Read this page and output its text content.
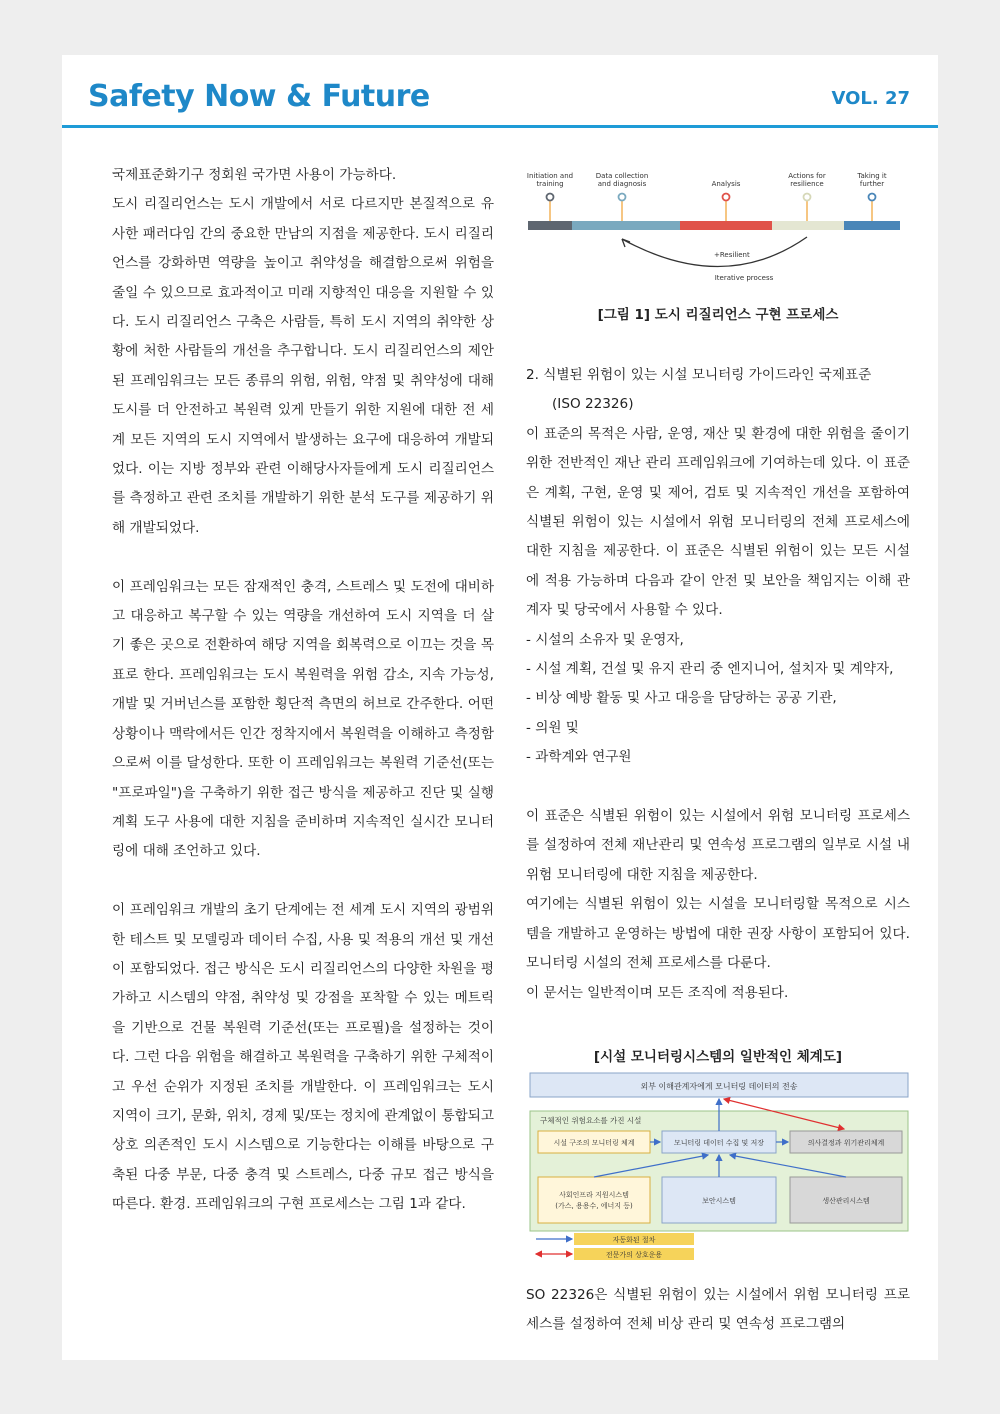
Safety Now & Future	VOL. 27

국제표준화기구 정회원 국가면 사용이 가능하다.

도시 리질리언스는 도시 개발에서 서로 다르지만 본질적으로 유사한 패러다임 간의 중요한 만남의 지점을 제공한다. 도시 리질리언스를 강화하면 역량을 높이고 취약성을 해결함으로써 위험을 줄일 수 있으므로 효과적이고 미래 지향적인 대응을 지원할 수 있다. 도시 리질리언스 구축은 사람들, 특히 도시 지역의 취약한 상황에 처한 사람들의 개선을 추구합니다. 도시 리질리언스의 제안된 프레임워크는 모든 종류의 위험, 위험, 약점 및 취약성에 대해 도시를 더 안전하고 복원력 있게 만들기 위한 지원에 대한 전 세계 모든 지역의 도시 지역에서 발생하는 요구에 대응하여 개발되었다. 이는 지방 정부와 관련 이해당사자들에게 도시 리질리언스를 측정하고 관련 조치를 개발하기 위한 분석 도구를 제공하기 위해 개발되었다.

이 프레임워크는 모든 잠재적인 충격, 스트레스 및 도전에 대비하고 대응하고 복구할 수 있는 역량을 개선하여 도시 지역을 더 살기 좋은 곳으로 전환하여 해당 지역을 회복력으로 이끄는 것을 목표로 한다. 프레임워크는 도시 복원력을 위험 감소, 지속 가능성, 개발 및 거버넌스를 포함한 횡단적 측면의 허브로 간주한다. 어떤 상황이나 맥락에서든 인간 정착지에서 복원력을 이해하고 측정함으로써 이를 달성한다. 또한 이 프레임워크는 복원력 기준선(또는 "프로파일")을 구축하기 위한 접근 방식을 제공하고 진단 및 실행 계획 도구 사용에 대한 지침을 준비하며 지속적인 실시간 모니터링에 대해 조언하고 있다.

이 프레임워크 개발의 초기 단계에는 전 세계 도시 지역의 광범위한 테스트 및 모델링과 데이터 수집, 사용 및 적용의 개선 및 개선이 포함되었다. 접근 방식은 도시 리질리언스의 다양한 차원을 평가하고 시스템의 약점, 취약성 및 강점을 포착할 수 있는 메트릭을 기반으로 건물 복원력 기준선(또는 프로필)을 설정하는 것이다. 그런 다음 위험을 해결하고 복원력을 구축하기 위한 구체적이고 우선 순위가 지정된 조치를 개발한다. 이 프레임워크는 도시 지역이 크기, 문화, 위치, 경제 및/또는 정치에 관계없이 통합되고 상호 의존적인 도시 시스템으로 기능한다는 이해를 바탕으로 구축된 다중 부문, 다중 충격 및 스트레스, 다중 규모 접근 방식을 따른다. 환경. 프레임워크의 구현 프로세스는 그림 1과 같다.

Initiation and
training
Data collection
and diagnosis	Analysis
Actions for
resilience
Taking it
further
+Resilient
Iterative process
[그림 1] 도시 리질리언스 구현 프로세스

2. 식별된 위험이 있는 시설 모니터링 가이드라인 국제표준

(ISO 22326)

이 표준의 목적은 사람, 운영, 재산 및 환경에 대한 위험을 줄이기 위한 전반적인 재난 관리 프레임워크에 기여하는데 있다. 이 표준은 계획, 구현, 운영 및 제어, 검토 및 지속적인 개선을 포함하여 식별된 위험이 있는 시설에서 위험 모니터링의 전체 프로세스에 대한 지침을 제공한다. 이 표준은 식별된 위험이 있는 모든 시설에 적용 가능하며 다음과 같이 안전 및 보안을 책임지는 이해 관계자 및 당국에서 사용할 수 있다.

- 시설의 소유자 및 운영자,

- 시설 계획, 건설 및 유지 관리 중 엔지니어, 설치자 및 계약자,

- 비상 예방 활동 및 사고 대응을 담당하는 공공 기관,

- 의원 및

- 과학계와 연구원

이 표준은 식별된 위험이 있는 시설에서 위험 모니터링 프로세스를 설정하여 전체 재난관리 및 연속성 프로그램의 일부로 시설 내 위험 모니터링에 대한 지침을 제공한다.

여기에는 식별된 위험이 있는 시설을 모니터링할 목적으로 시스템을 개발하고 운영하는 방법에 대한 권장 사항이 포함되어 있다. 모니터링 시설의 전체 프로세스를 다룬다.

이 문서는 일반적이며 모든 조직에 적용된다.

[시설 모니터링시스템의 일반적인 체계도]
외부 이해관계자에게 모니터링 데이터의 전송
구체적인 위험요소를 가진 시설
시설 구조의 모니터링 체계	모니터링 데이터 수집 및 저장	의사결정과 위기관리체계
사회인프라 지원시스템
(가스, 용용수, 에너지 등)
보안시스템	생산관리시스템
자동화된 절차
전문가의 상호운용

SO 22326은 식별된 위험이 있는 시설에서 위험 모니터링 프로세스를 설정하여 전체 비상 관리 및 연속성 프로그램의
